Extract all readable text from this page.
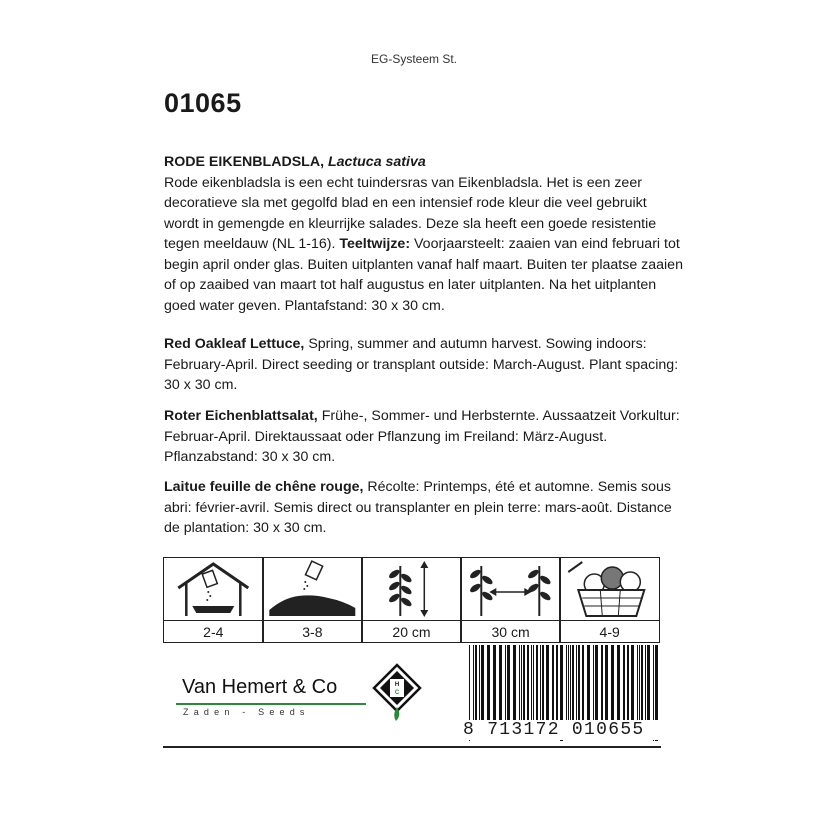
EG-Systeem St.
01065
RODE EIKENBLADSLA, Lactuca sativa
Rode eikenbladsla is een echt tuindersras van Eikenbladsla. Het is een zeer decoratieve sla met gegolfd blad en een intensief rode kleur die veel gebruikt wordt in gemengde en kleurrijke salades. Deze sla heeft een goede resistentie tegen meeldauw (NL 1-16). Teeltwijze: Voorjaarsteelt: zaaien van eind februari tot begin april onder glas. Buiten uitplanten vanaf half maart. Buiten ter plaatse zaaien of op zaaibed van maart tot half augustus en later uitplanten. Na het uitplanten goed water geven. Plantafstand: 30 x 30 cm.
Red Oakleaf Lettuce, Spring, summer and autumn harvest. Sowing indoors: February-April. Direct seeding or transplant outside: March-August. Plant spacing: 30 x 30 cm.
Roter Eichenblattsalat, Frühe-, Sommer- und Herbsternte. Aussaatzeit Vorkultur: Februar-April. Direktaussaat oder Pflanzung im Freiland: März-August. Pflanzabstand: 30 x 30 cm.
Laitue feuille de chêne rouge, Récolte: Printemps, été et automne. Semis sous abri: février-avril. Semis direct ou transplanter en plein terre: mars-août. Distance de plantation: 30 x 30 cm.
2-4	3-8	20 cm	30 cm	4-9
Van Hemert & Co
Zaden - Seeds
H
C
8 713172 010655
